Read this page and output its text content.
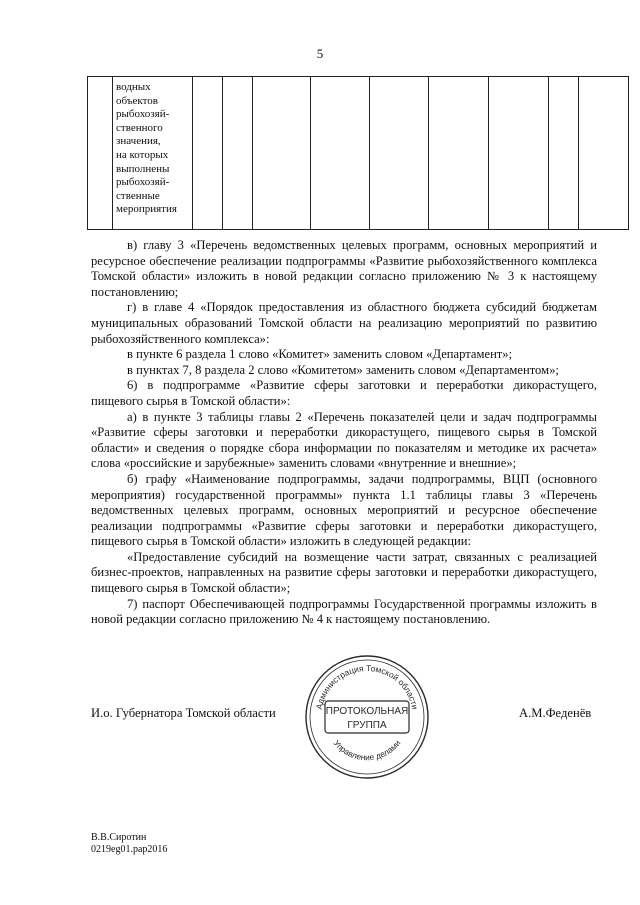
5

водных
объектов
рыбохозяй-
ственного
значения,
на которых
выполнены
рыбохозяй-
ственные
мероприятия

в) главу 3 «Перечень ведомственных целевых программ, основных мероприятий и ресурсное обеспечение реализации подпрограммы «Развитие рыбохозяйственного комплекса Томской области» изложить в новой редакции согласно приложению № 3 к настоящему постановлению;

г) в главе 4 «Порядок предоставления из областного бюджета субсидий бюджетам муниципальных образований Томской области на реализацию мероприятий по развитию рыбохозяйственного комплекса»:

в пункте 6 раздела 1 слово «Комитет» заменить словом «Департамент»;

в пунктах 7, 8 раздела 2 слово «Комитетом» заменить словом «Департаментом»;

6) в подпрограмме «Развитие сферы заготовки и переработки дикорастущего, пищевого сырья в Томской области»:

а) в пункте 3 таблицы главы 2 «Перечень показателей цели и задач подпрограммы «Развитие сферы заготовки и переработки дикорастущего, пищевого сырья в Томской области» и сведения о порядке сбора информации по показателям и методике их расчета» слова «российские и зарубежные» заменить словами «внутренние и внешние»;

б) графу «Наименование подпрограммы, задачи подпрограммы, ВЦП (основного мероприятия) государственной программы» пункта 1.1 таблицы главы 3 «Перечень ведомственных целевых программ, основных мероприятий и ресурсное обеспечение реализации подпрограммы «Развитие сферы заготовки и переработки дикорастущего, пищевого сырья в Томской области» изложить в следующей редакции:

«Предоставление субсидий на возмещение части затрат, связанных с реализацией бизнес-проектов, направленных на развитие сферы заготовки и переработки дикорастущего, пищевого сырья в Томской области»;

7) паспорт Обеспечивающей подпрограммы Государственной программы изложить в новой редакции согласно приложению № 4 к настоящему постановлению.

И.о. Губернатора Томской области	А.М.Феденёв
Администрация Томской области
Управление делами
ПРОТОКОЛЬНАЯ
ГРУППА
В.В.Сиротин
0219eg01.pap2016
